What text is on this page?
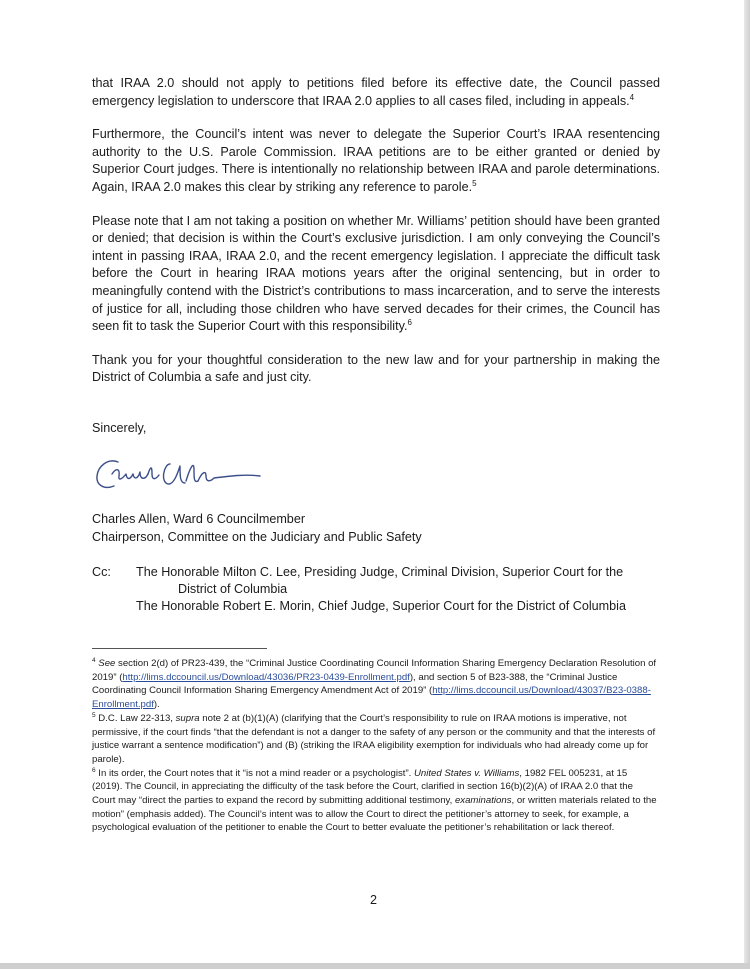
that IRAA 2.0 should not apply to petitions filed before its effective date, the Council passed emergency legislation to underscore that IRAA 2.0 applies to all cases filed, including in appeals.$^4$

Furthermore, the Council’s intent was never to delegate the Superior Court’s IRAA resentencing authority to the U.S. Parole Commission. IRAA petitions are to be either granted or denied by Superior Court judges. There is intentionally no relationship between IRAA and parole determinations. Again, IRAA 2.0 makes this clear by striking any reference to parole.$^5$

Please note that I am not taking a position on whether Mr. Williams’ petition should have been granted or denied; that decision is within the Court’s exclusive jurisdiction. I am only conveying the Council’s intent in passing IRAA, IRAA 2.0, and the recent emergency legislation. I appreciate the difficult task before the Court in hearing IRAA motions years after the original sentencing, but in order to meaningfully contend with the District’s contributions to mass incarceration, and to serve the interests of justice for all, including those children who have served decades for their crimes, the Council has seen fit to task the Superior Court with this responsibility.$^6$

Thank you for your thoughtful consideration to the new law and for your partnership in making the District of Columbia a safe and just city.

Sincerely,
Charles Allen, Ward 6 Councilmember
Chairperson, Committee on the Judiciary and Public Safety
Cc: The Honorable Milton C. Lee, Presiding Judge, Criminal Division, Superior Court for the
District of Columbia
The Honorable Robert E. Morin, Chief Judge, Superior Court for the District of Columbia

$^4$ See section 2(d) of PR23-439, the “Criminal Justice Coordinating Council Information Sharing Emergency Declaration Resolution of 2019” (http://lims.dccouncil.us/Download/43036/PR23-0439-Enrollment.pdf), and section 5 of B23-388, the “Criminal Justice Coordinating Council Information Sharing Emergency Amendment Act of 2019” (http://lims.dccouncil.us/Download/43037/B23-0388-Enrollment.pdf).

$^5$ D.C. Law 22-313, supra note 2 at (b)(1)(A) (clarifying that the Court’s responsibility to rule on IRAA motions is imperative, not permissive, if the court finds “that the defendant is not a danger to the safety of any person or the community and that the interests of justice warrant a sentence modification”) and (B) (striking the IRAA eligibility exemption for individuals who had already come up for parole).

$^6$ In its order, the Court notes that it “is not a mind reader or a psychologist”. United States v. Williams, 1982 FEL 005231, at 15 (2019). The Council, in appreciating the difficulty of the task before the Court, clarified in section 16(b)(2)(A) of IRAA 2.0 that the Court may “direct the parties to expand the record by submitting additional testimony, examinations, or written materials related to the motion” (emphasis added). The Council’s intent was to allow the Court to direct the petitioner’s attorney to seek, for example, a psychological evaluation of the petitioner to enable the Court to better evaluate the petitioner’s rehabilitation or lack thereof.

2
